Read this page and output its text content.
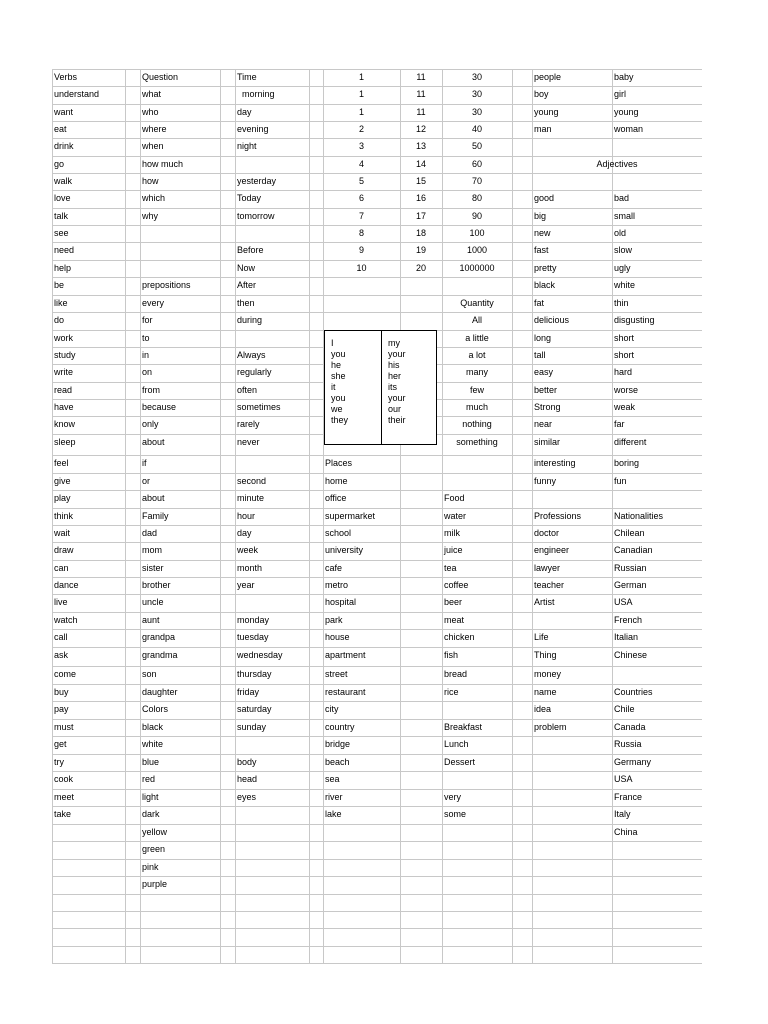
Verbs
understand
want
eat
drink
go
walk
love
talk
see
need
help
be
like
do
work
study
write
read
have
know
sleep
feel
give
play
think
wait
draw
can
dance
live
watch
call
ask
come
buy
pay
must
get
try
cook
meet
take
Question
what
who
where
when
how much
how
which
why
prepositions
every
for
to
in
on
from
because
only
about
if
or
about
Family
dad
mom
sister
brother
uncle
aunt
grandpa
grandma
son
daughter
Colors
black
white
blue
red
light
dark
yellow
green
pink
purple
Time
morning
day
evening
night
yesterday
Today
tomorrow
Before
Now
After
then
during
Always
regularly
often
sometimes
rarely
never
second
minute
hour
day
week
month
year
monday
tuesday
wednesday
thursday
friday
saturday
sunday
body
head
eyes
1
1
1
2
3
4
5
6
7
8
9
10
11
11
11
12
13
14
15
16
17
18
19
20
30
30
30
40
50
60
70
80
90
100
1000
1000000
Quantity
All
a little
a lot
many
few
much
nothing
something
Places
home
office
supermarket
school
university
cafe
metro
hospital
park
house
apartment
street
restaurant
city
country
bridge
beach
sea
river
lake
Food
water
milk
juice
tea
coffee
beer
meat
chicken
fish
bread
rice
Breakfast
Lunch
Dessert
very
some
people
boy
young
man
baby
girl
young
woman
Adjectives
good
big
new
fast
pretty
black
fat
delicious
long
tall
easy
better
Strong
near
similar
interesting
funny
bad
small
old
slow
ugly
white
thin
disgusting
short
short
hard
worse
weak
far
different
boring
fun
Professions
doctor
engineer
lawyer
teacher
Artist
Life
Thing
money
name
idea
problem
Nationalities
Chilean
Canadian
Russian
German
USA
French
Italian
Chinese
Countries
Chile
Canada
Russia
Germany
USA
France
Italy
China
I
you
he
she
it
you
we
they
my
your
his
her
its
your
our
their
